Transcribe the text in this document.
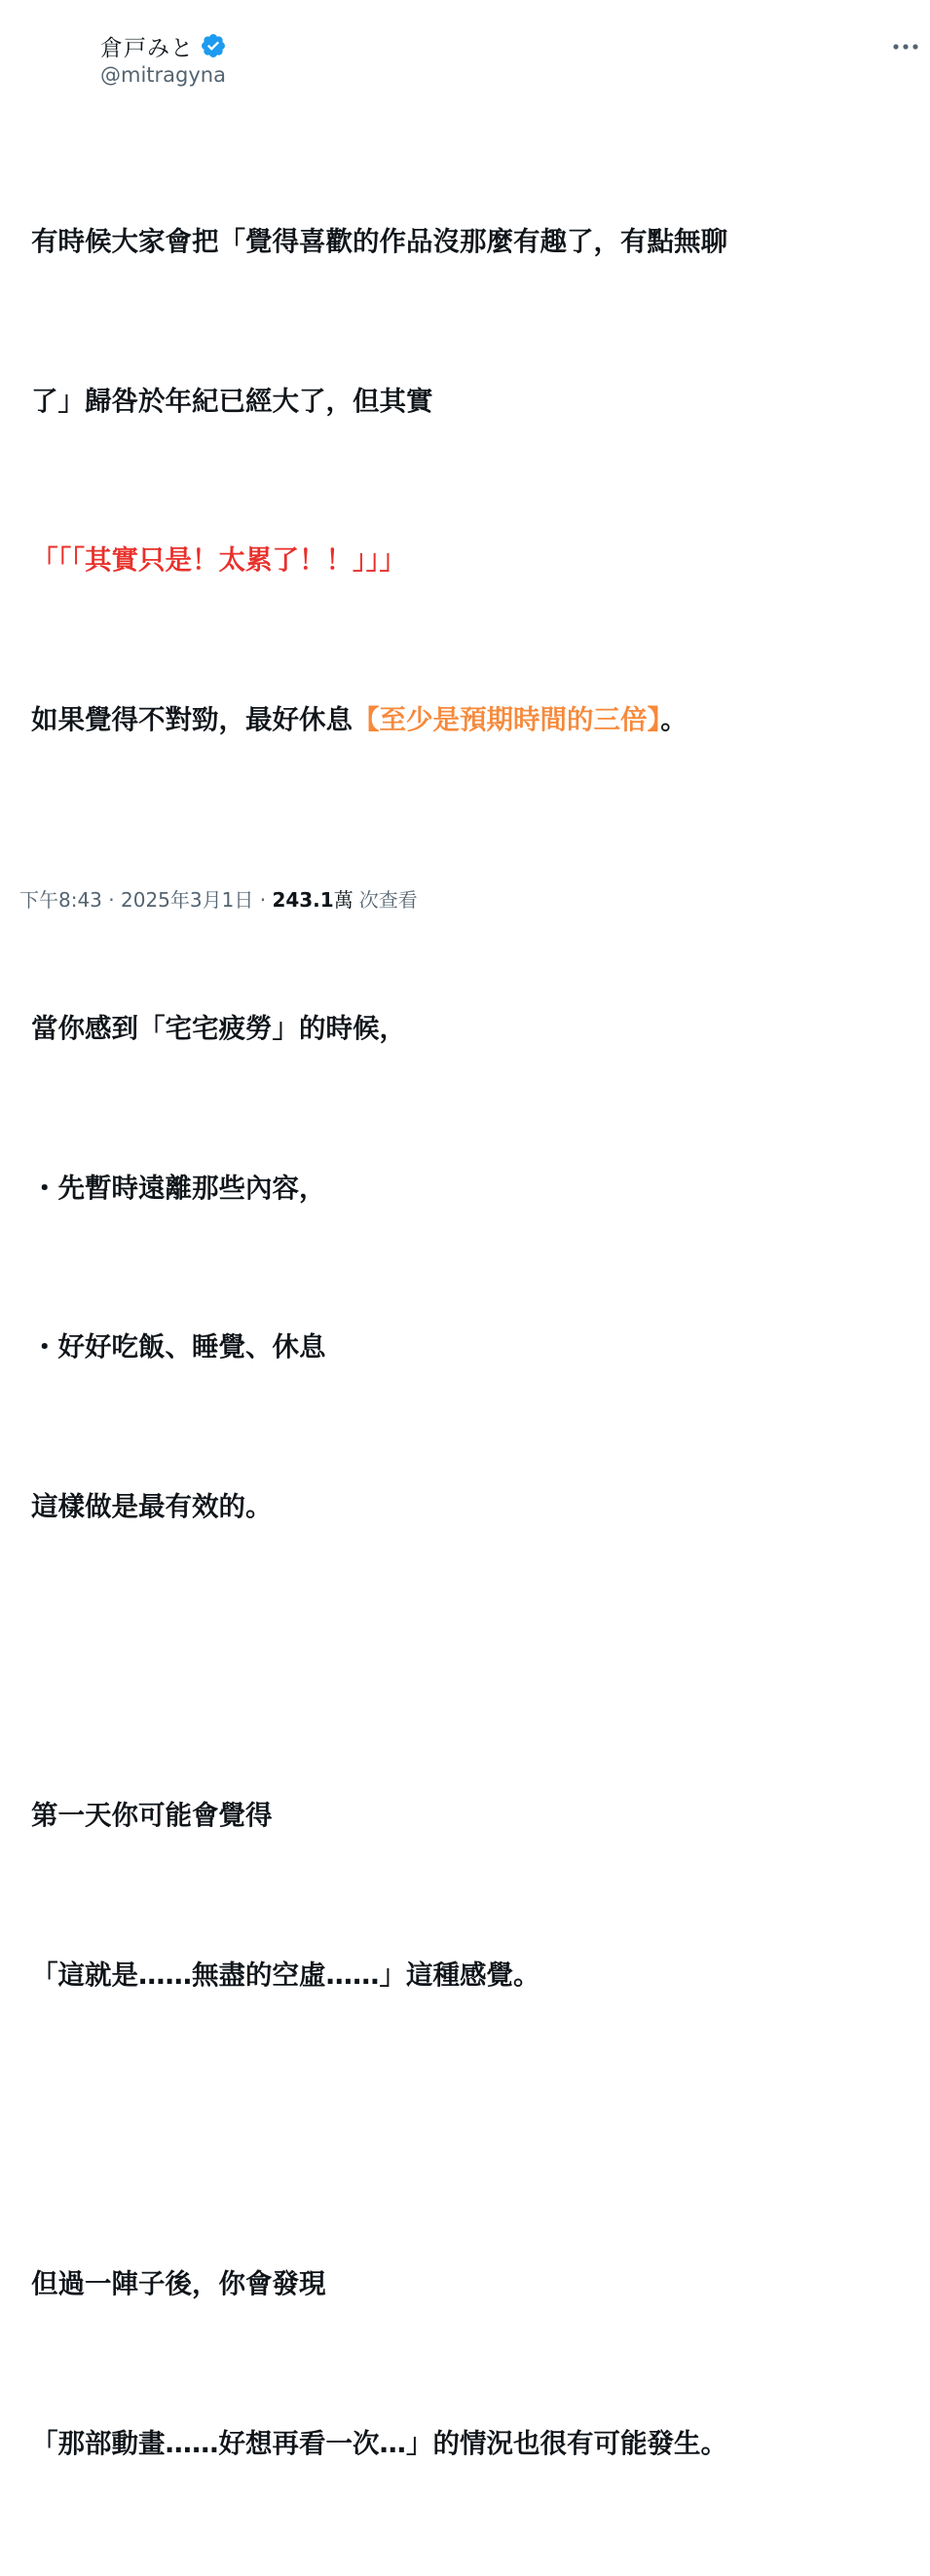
倉戸みと
@mitragyna

有時候大家會把「覺得喜歡的作品沒那麼有趣了，有點無聊

了」歸咎於年紀已經大了，但其實

「「「其實只是！太累了！！」」」

如果覺得不對勁，最好休息【至少是預期時間的三倍】。

當你感到「宅宅疲勞」的時候，

・先暫時遠離那些內容，

・好好吃飯、睡覺、休息

這樣做是最有效的。

第一天你可能會覺得

「這就是……無盡的空虛……」這種感覺。

但過一陣子後，你會發現

「那部動畫……好想再看一次…」的情況也很有可能發生。

下午8:43 · 2025年3月1日 · 243.1 萬 次查看
